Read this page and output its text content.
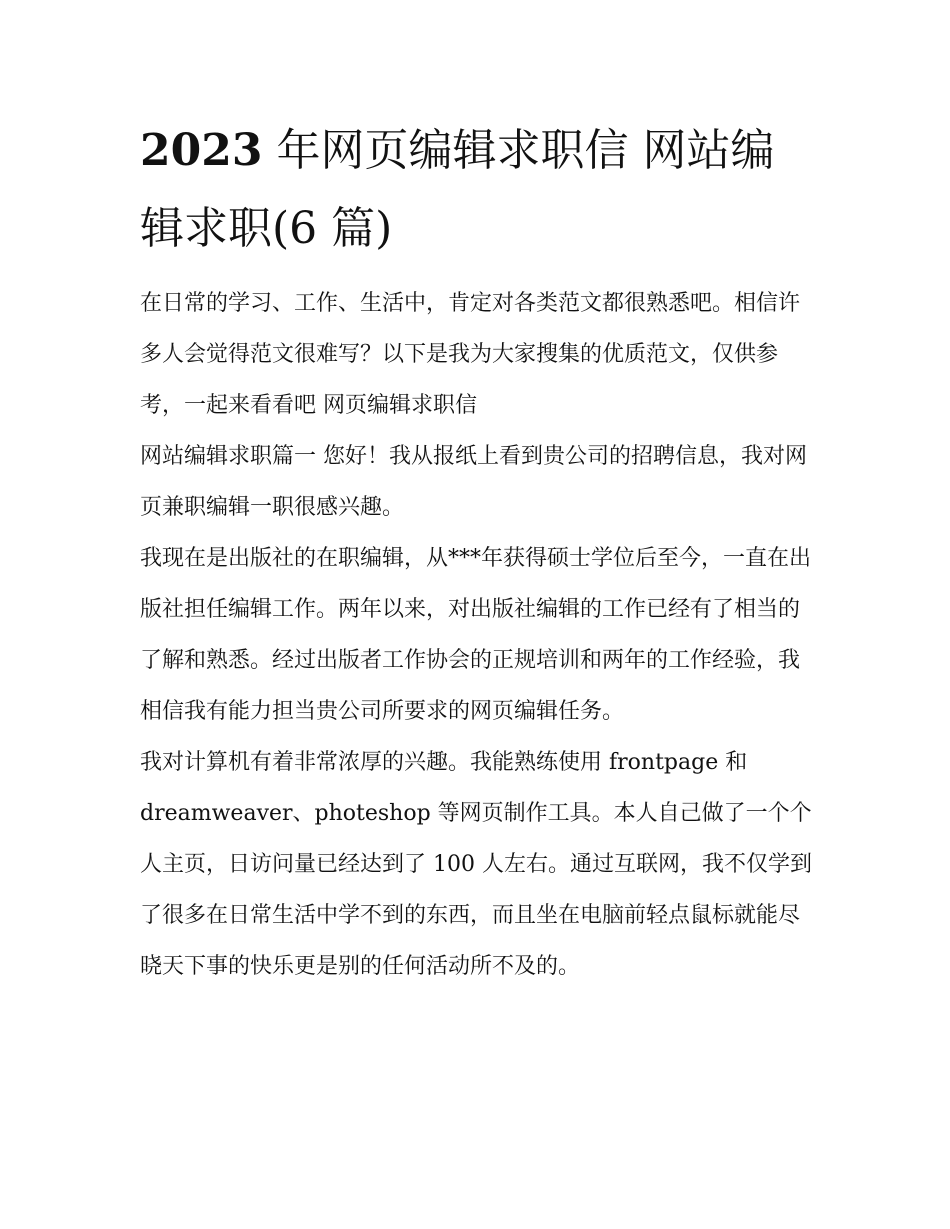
2023 年网页编辑求职信 网站编辑求职(6 篇)

在日常的学习、工作、生活中，肯定对各类范文都很熟悉吧。相信许多人会觉得范文很难写？以下是我为大家搜集的优质范文，仅供参考，一起来看看吧 网页编辑求职信

网站编辑求职篇一 您好！我从报纸上看到贵公司的招聘信息，我对网页兼职编辑一职很感兴趣。

我现在是出版社的在职编辑，从***年获得硕士学位后至今，一直在出版社担任编辑工作。两年以来，对出版社编辑的工作已经有了相当的了解和熟悉。经过出版者工作协会的正规培训和两年的工作经验，我相信我有能力担当贵公司所要求的网页编辑任务。

我对计算机有着非常浓厚的兴趣。我能熟练使用 frontpage 和 dreamweaver、photeshop 等网页制作工具。本人自己做了一个个人主页，日访问量已经达到了 100 人左右。通过互联网，我不仅学到了很多在日常生活中学不到的东西，而且坐在电脑前轻点鼠标就能尽晓天下事的快乐更是别的任何活动所不及的。
